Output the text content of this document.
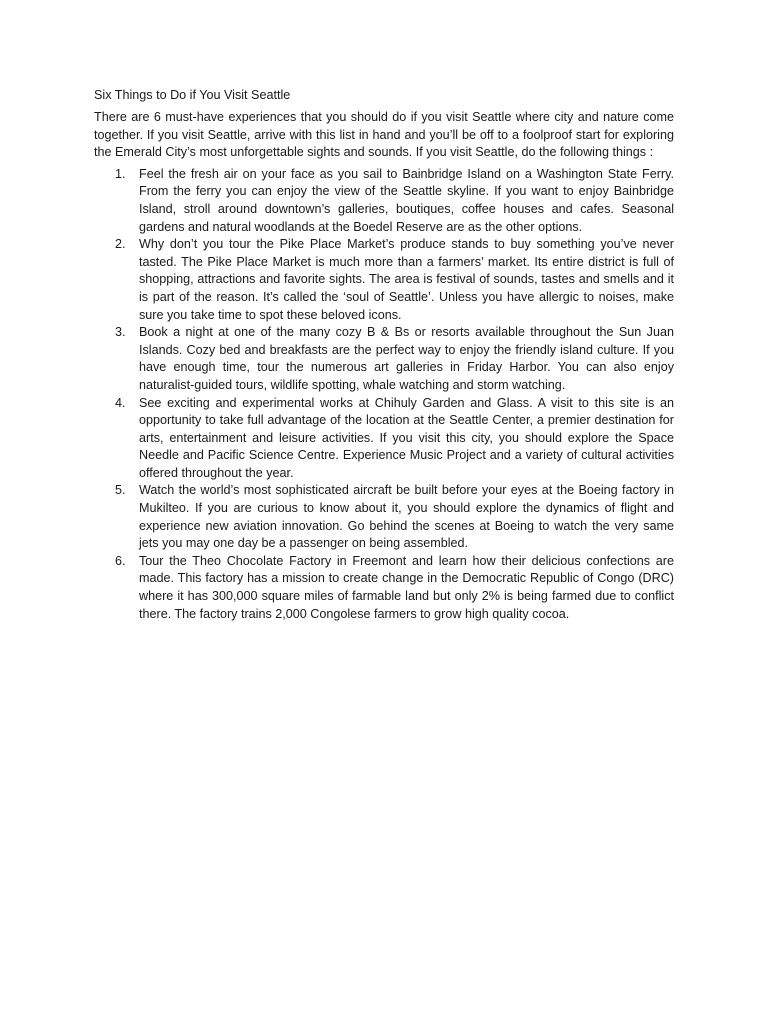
Six Things to Do if You Visit Seattle

There are 6 must-have experiences that you should do if you visit Seattle where city and nature come together. If you visit Seattle, arrive with this list in hand and you’ll be off to a foolproof start for exploring the Emerald City’s most unforgettable sights and sounds. If you visit Seattle, do the following things :

1. Feel the fresh air on your face as you sail to Bainbridge Island on a Washington State Ferry. From the ferry you can enjoy the view of the Seattle skyline. If you want to enjoy Bainbridge Island, stroll around downtown’s galleries, boutiques, coffee houses and cafes. Seasonal gardens and natural woodlands at the Boedel Reserve are as the other options.
2. Why don’t you tour the Pike Place Market’s produce stands to buy something you’ve never tasted. The Pike Place Market is much more than a farmers’ market. Its entire district is full of shopping, attractions and favorite sights. The area is festival of sounds, tastes and smells and it is part of the reason. It’s called the ‘soul of Seattle’. Unless you have allergic to noises, make sure you take time to spot these beloved icons.
3. Book a night at one of the many cozy B & Bs or resorts available throughout the Sun Juan Islands. Cozy bed and breakfasts are the perfect way to enjoy the friendly island culture. If you have enough time, tour the numerous art galleries in Friday Harbor. You can also enjoy naturalist-guided tours, wildlife spotting, whale watching and storm watching.
4. See exciting and experimental works at Chihuly Garden and Glass. A visit to this site is an opportunity to take full advantage of the location at the Seattle Center, a premier destination for arts, entertainment and leisure activities. If you visit this city, you should explore the Space Needle and Pacific Science Centre. Experience Music Project and a variety of cultural activities offered throughout the year.
5. Watch the world’s most sophisticated aircraft be built before your eyes at the Boeing factory in Mukilteo. If you are curious to know about it, you should explore the dynamics of flight and experience new aviation innovation. Go behind the scenes at Boeing to watch the very same jets you may one day be a passenger on being assembled.
6. Tour the Theo Chocolate Factory in Freemont and learn how their delicious confections are made. This factory has a mission to create change in the Democratic Republic of Congo (DRC) where it has 300,000 square miles of farmable land but only 2% is being farmed due to conflict there. The factory trains 2,000 Congolese farmers to grow high quality cocoa.
